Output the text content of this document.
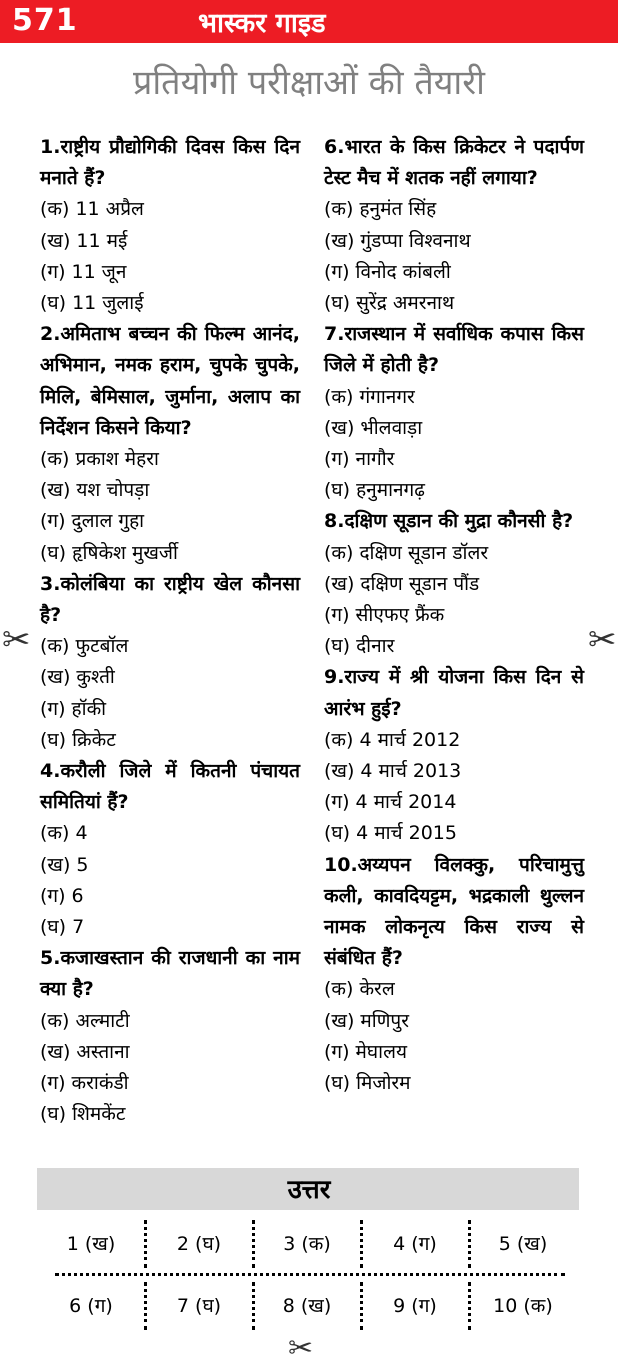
571	भास्कर गाइड
प्रतियोगी परीक्षाओं की तैयारी

1.राष्ट्रीय प्रौद्योगिकी दिवस किस दिन मनाते हैं?

(क) 11 अप्रैल
(ख) 11 मई
(ग) 11 जून
(घ) 11 जुलाई

2.अमिताभ बच्चन की फिल्म आनंद, अभिमान, नमक हराम, चुपके चुपके, मिलि, बेमिसाल, जुर्माना, अलाप का निर्देशन किसने किया?

(क) प्रकाश मेहरा
(ख) यश चोपड़ा
(ग) दुलाल गुहा
(घ) हृषिकेश मुखर्जी

3.कोलंबिया का राष्ट्रीय खेल कौनसा है?

(क) फुटबॉल
(ख) कुश्ती
(ग) हॉकी
(घ) क्रिकेट

4.करौली जिले में कितनी पंचायत समितियां हैं?

(क) 4
(ख) 5
(ग) 6
(घ) 7

5.कजाखस्तान की राजधानी का नाम क्या है?

(क) अल्माटी
(ख) अस्ताना
(ग) कराकंडी
(घ) शिमकेंट

6.भारत के किस क्रिकेटर ने पदार्पण टेस्ट मैच में शतक नहीं लगाया?

(क) हनुमंत सिंह
(ख) गुंडप्पा विश्वनाथ
(ग) विनोद कांबली
(घ) सुरेंद्र अमरनाथ

7.राजस्थान में सर्वाधिक कपास किस जिले में होती है?

(क) गंगानगर
(ख) भीलवाड़ा
(ग) नागौर
(घ) हनुमानगढ़

8.दक्षिण सूडान की मुद्रा कौनसी है?

(क) दक्षिण सूडान डॉलर
(ख) दक्षिण सूडान पौंड
(ग) सीएफए फ्रैंक
(घ) दीनार

9.राज्य में श्री योजना किस दिन से आरंभ हुई?

(क) 4 मार्च 2012
(ख) 4 मार्च 2013
(ग) 4 मार्च 2014
(घ) 4 मार्च 2015

10.अय्यपन विलक्कु, परिचामुत्तु कली, कावदियट्टम, भद्रकाली थुल्लन नामक लोकनृत्य किस राज्य से संबंधित हैं?

(क) केरल
(ख) मणिपुर
(ग) मेघालय
(घ) मिजोरम
✂	✂
उत्तर
1 (ख)	2 (घ)	3 (क)	4 (ग)	5 (ख)
6 (ग)	7 (घ)	8 (ख)	9 (ग)	10 (क)
✂
